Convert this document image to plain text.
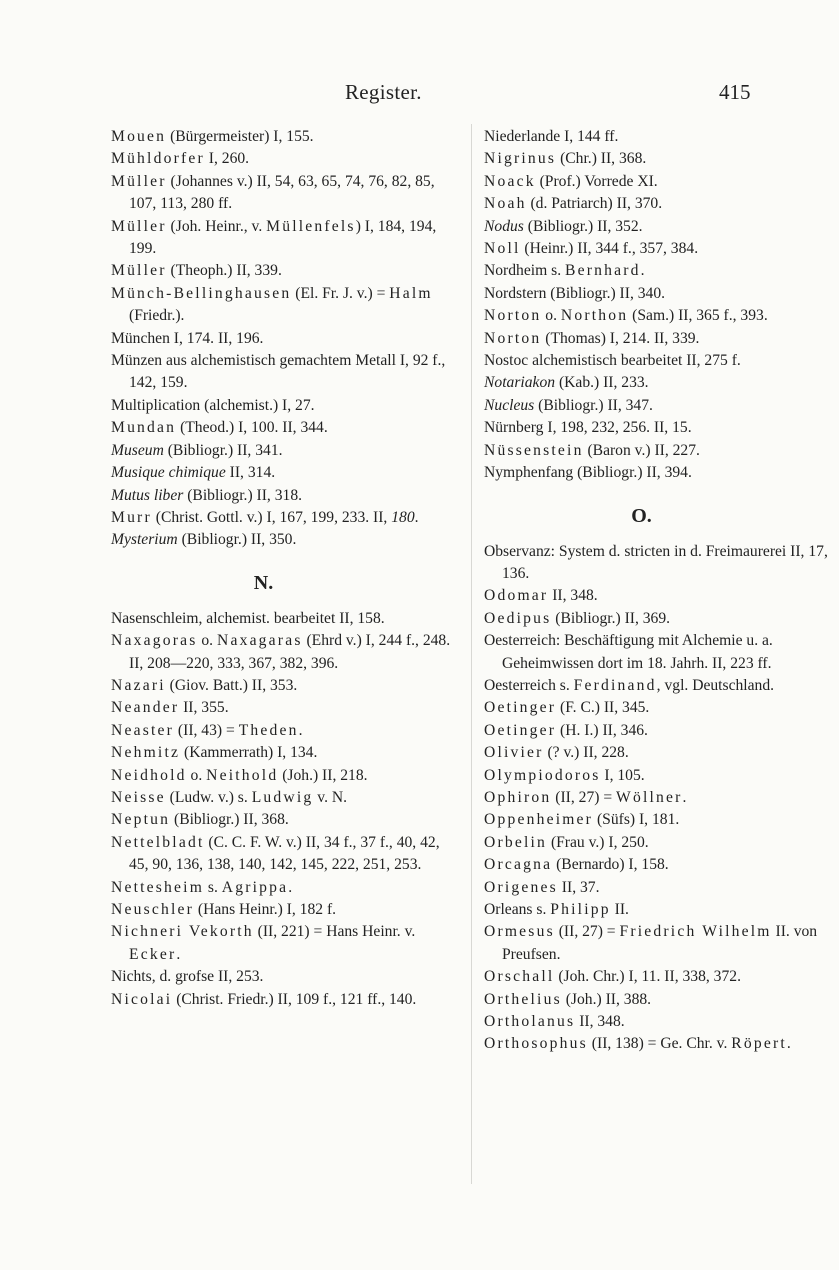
Register.	415

Mouen (Bürgermeister) I, 155.

Mühldorfer I, 260.

Müller (Johannes v.) II, 54, 63, 65, 74, 76, 82, 85, 107, 113, 280 ff.

Müller (Joh. Heinr., v. Müllenfels) I, 184, 194, 199.

Müller (Theoph.) II, 339.

Münch-Bellinghausen (El. Fr. J. v.) = Halm (Friedr.).

München I, 174. II, 196.

Münzen aus alchemistisch gemachtem Metall I, 92 f., 142, 159.

Multiplication (alchemist.) I, 27.

Mundan (Theod.) I, 100. II, 344.

Museum (Bibliogr.) II, 341.

Musique chimique II, 314.

Mutus liber (Bibliogr.) II, 318.

Murr (Christ. Gottl. v.) I, 167, 199, 233. II, 180.

Mysterium (Bibliogr.) II, 350.

N.

Nasenschleim, alchemist. bearbeitet II, 158.

Naxagoras o. Naxagaras (Ehrd v.) I, 244 f., 248. II, 208—220, 333, 367, 382, 396.

Nazari (Giov. Batt.) II, 353.

Neander II, 355.

Neaster (II, 43) = Theden.

Nehmitz (Kammerrath) I, 134.

Neidhold o. Neithold (Joh.) II, 218.

Neisse (Ludw. v.) s. Ludwig v. N.

Neptun (Bibliogr.) II, 368.

Nettelbladt (C. C. F. W. v.) II, 34 f., 37 f., 40, 42, 45, 90, 136, 138, 140, 142, 145, 222, 251, 253.

Nettesheim s. Agrippa.

Neuschler (Hans Heinr.) I, 182 f.

Nichneri Vekorth (II, 221) = Hans Heinr. v. Ecker.

Nichts, d. grofse II, 253.

Nicolai (Christ. Friedr.) II, 109 f., 121 ff., 140.

Niederlande I, 144 ff.

Nigrinus (Chr.) II, 368.

Noack (Prof.) Vorrede XI.

Noah (d. Patriarch) II, 370.

Nodus (Bibliogr.) II, 352.

Noll (Heinr.) II, 344 f., 357, 384.

Nordheim s. Bernhard.

Nordstern (Bibliogr.) II, 340.

Norton o. Northon (Sam.) II, 365 f., 393.

Norton (Thomas) I, 214. II, 339.

Nostoc alchemistisch bearbeitet II, 275 f.

Notariakon (Kab.) II, 233.

Nucleus (Bibliogr.) II, 347.

Nürnberg I, 198, 232, 256. II, 15.

Nüssenstein (Baron v.) II, 227.

Nymphenfang (Bibliogr.) II, 394.

O.

Observanz: System d. stricten in d. Freimaurerei II, 17, 136.

Odomar II, 348.

Oedipus (Bibliogr.) II, 369.

Oesterreich: Beschäftigung mit Alchemie u. a. Geheimwissen dort im 18. Jahrh. II, 223 ff.

Oesterreich s. Ferdinand, vgl. Deutschland.

Oetinger (F. C.) II, 345.

Oetinger (H. I.) II, 346.

Olivier (? v.) II, 228.

Olympiodoros I, 105.

Ophiron (II, 27) = Wöllner.

Oppenheimer (Süfs) I, 181.

Orbelin (Frau v.) I, 250.

Orcagna (Bernardo) I, 158.

Origenes II, 37.

Orleans s. Philipp II.

Ormesus (II, 27) = Friedrich Wilhelm II. von Preufsen.

Orschall (Joh. Chr.) I, 11. II, 338, 372.

Orthelius (Joh.) II, 388.

Ortholanus II, 348.

Orthosophus (II, 138) = Ge. Chr. v. Röpert.
